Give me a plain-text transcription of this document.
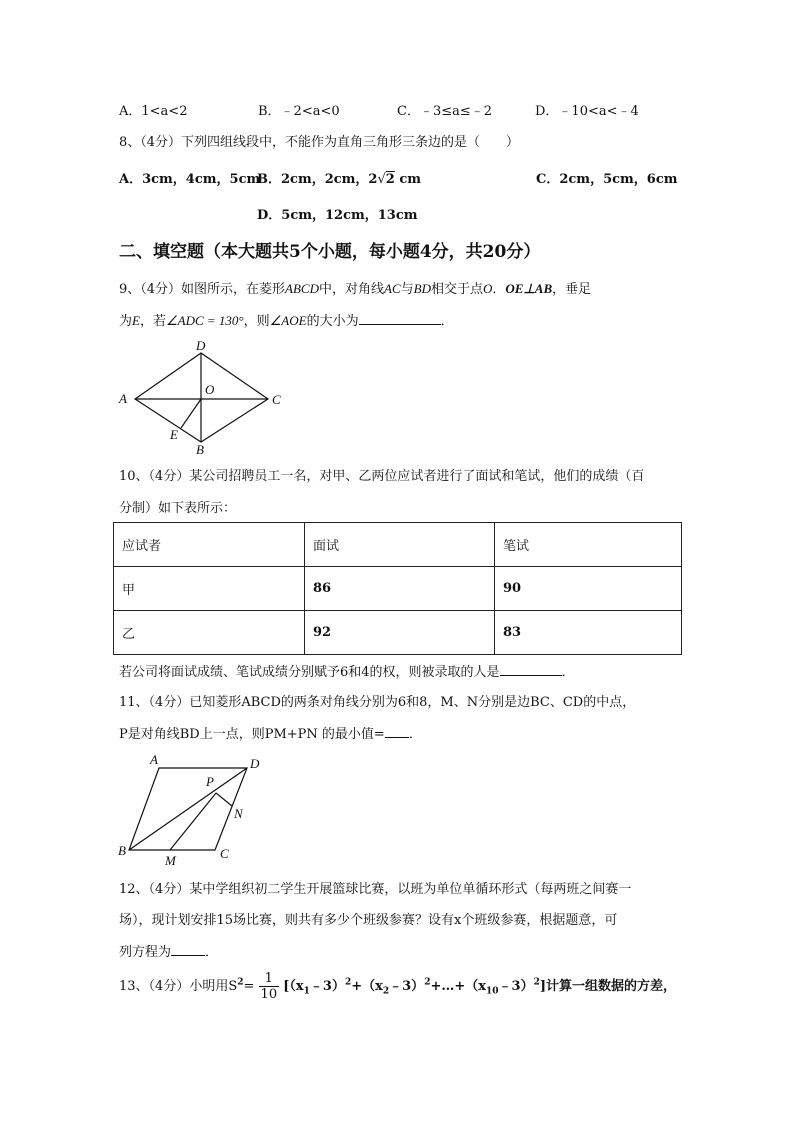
A．1<a<2	B．﹣2<a<0	C．﹣3≤a≤﹣2	D．﹣10<a<﹣4
8、（4分）下列四组线段中，不能作为直角三角形三条边的是（　　）
A．3cm，4cm，5cm
B．2cm，2cm，2√2 cm	C．2cm，5cm，6cm
D．5cm，12cm，13cm
二、填空题（本大题共5个小题，每小题4分，共20分）
9、（4分）如图所示，在菱形ABCD中，对角线AC与BD相交于点O．OE⊥AB，垂足
为E，若∠ADC = 130°，则∠AOE的大小为	．
D
A
O
C
E
B
10、（4分）某公司招聘员工一名，对甲、乙两位应试者进行了面试和笔试，他们的成绩（百
分制）如下表所示：
应试者	面试	笔试
甲	86	90
乙	92	83
若公司将面试成绩、笔试成绩分别赋予6和4的权，则被录取的人是	．
11、（4分）已知菱形ABCD的两条对角线分别为6和8，M、N分别是边BC、CD的中点，
P是对角线BD上一点，则PM+PN 的最小值= ．
A	D
P
N
B	C
M
12、（4分）某中学组织初二学生开展篮球比赛，以班为单位单循环形式（每两班之间赛一
场），现计划安排15场比赛，则共有多少个班级参赛？设有x个班级参赛，根据题意，可
列方程为	．
13、（4分）小明用$S^2= \frac{1}{10}$ $[(x_1﹣3)^2+(x_2﹣3)^2+\dots+(x_{10}﹣3)^2]$计算一组数据的方差，
